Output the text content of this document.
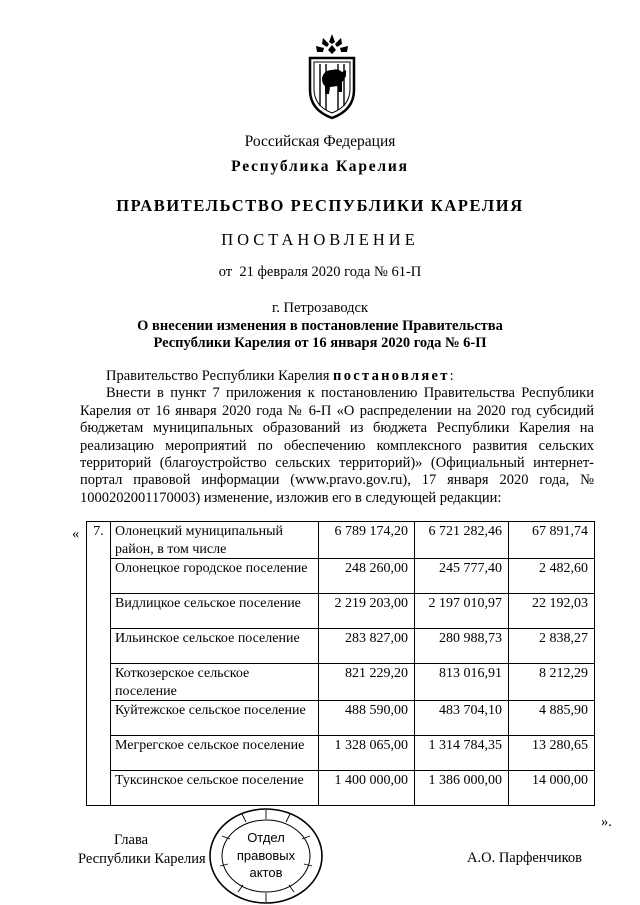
Российская Федерация
Республика Карелия
ПРАВИТЕЛЬСТВО РЕСПУБЛИКИ КАРЕЛИЯ
ПОСТАНОВЛЕНИЕ
от  21 февраля 2020 года № 61-П
г. Петрозаводск
О внесении изменения в постановление Правительства
Республики Карелия от 16 января 2020 года № 6-П

Правительство Республики Карелия постановляет:

Внести в пункт 7 приложения к постановлению Правительства Республики Карелия от 16 января 2020 года № 6-П «О распределении на 2020 год субсидий бюджетам муниципальных образований из бюджета Республики Карелия на реализацию мероприятий по обеспечению комплексного развития сельских территорий (благоустройство сельских территорий)» (Официальный интернет-портал правовой информации (www.pravo.gov.ru), 17 января 2020 года, № 1000202001170003) изменение, изложив его в следующей редакции:

« 7.	Олонецкий муниципальный район, в том числе	6 789 174,20	6 721 282,46	67 891,74
	Олонецкое городское поселение	248 260,00	245 777,40	2 482,60
	Видлицкое сельское поселение	2 219 203,00	2 197 010,97	22 192,03
	Ильинское сельское поселение	283 827,00	280 988,73	2 838,27
	Коткозерское сельское поселение	821 229,20	813 016,91	8 212,29
	Куйтежское сельское поселение	488 590,00	483 704,10	4 885,90
	Мегрегское сельское поселение	1 328 065,00	1 314 784,35	13 280,65
	Туксинское сельское поселение	1 400 000,00	1 386 000,00	14 000,00
».
Глава
Республики Карелия	А.О. Парфенчиков
Отдел
правовых
актов
